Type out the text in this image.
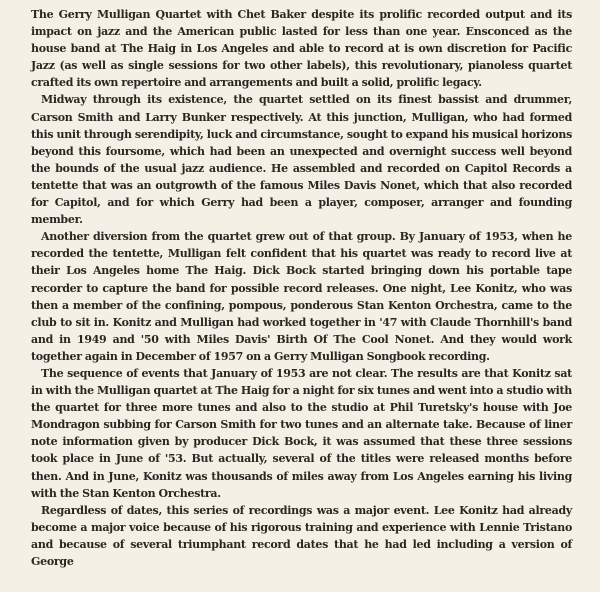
The Gerry Mulligan Quartet with Chet Baker despite its prolific recorded output and its impact on jazz and the American public lasted for less than one year. Ensconced as the house band at The Haig in Los Angeles and able to record at is own discretion for Pacific Jazz (as well as single sessions for two other labels), this revolutionary, pianoless quartet crafted its own repertoire and arrangements and built a solid, prolific legacy.

Midway through its existence, the quartet settled on its finest bassist and drummer, Carson Smith and Larry Bunker respectively. At this junction, Mulligan, who had formed this unit through serendipity, luck and circumstance, sought to expand his musical horizons beyond this foursome, which had been an unexpected and overnight success well beyond the bounds of the usual jazz audience. He assembled and recorded on Capitol Records a tentette that was an outgrowth of the famous Miles Davis Nonet, which that also recorded for Capitol, and for which Gerry had been a player, composer, arranger and founding member.

Another diversion from the quartet grew out of that group. By January of 1953, when he recorded the tentette, Mulligan felt confident that his quartet was ready to record live at their Los Angeles home The Haig. Dick Bock started bringing down his portable tape recorder to capture the band for possible record releases. One night, Lee Konitz, who was then a member of the confining, pompous, ponderous Stan Kenton Orchestra, came to the club to sit in. Konitz and Mulligan had worked together in '47 with Claude Thornhill's band and in 1949 and '50 with Miles Davis' Birth Of The Cool Nonet. And they would work together again in December of 1957 on a Gerry Mulligan Songbook recording.

The sequence of events that January of 1953 are not clear. The results are that Konitz sat in with the Mulligan quartet at The Haig for a night for six tunes and went into a studio with the quartet for three more tunes and also to the studio at Phil Turetsky's house with Joe Mondragon subbing for Carson Smith for two tunes and an alternate take. Because of liner note information given by producer Dick Bock, it was assumed that these three sessions took place in June of '53. But actually, several of the titles were released months before then. And in June, Konitz was thousands of miles away from Los Angeles earning his living with the Stan Kenton Orchestra.

Regardless of dates, this series of recordings was a major event. Lee Konitz had already become a major voice because of his rigorous training and experience with Lennie Tristano and because of several triumphant record dates that he had led including a version of George
